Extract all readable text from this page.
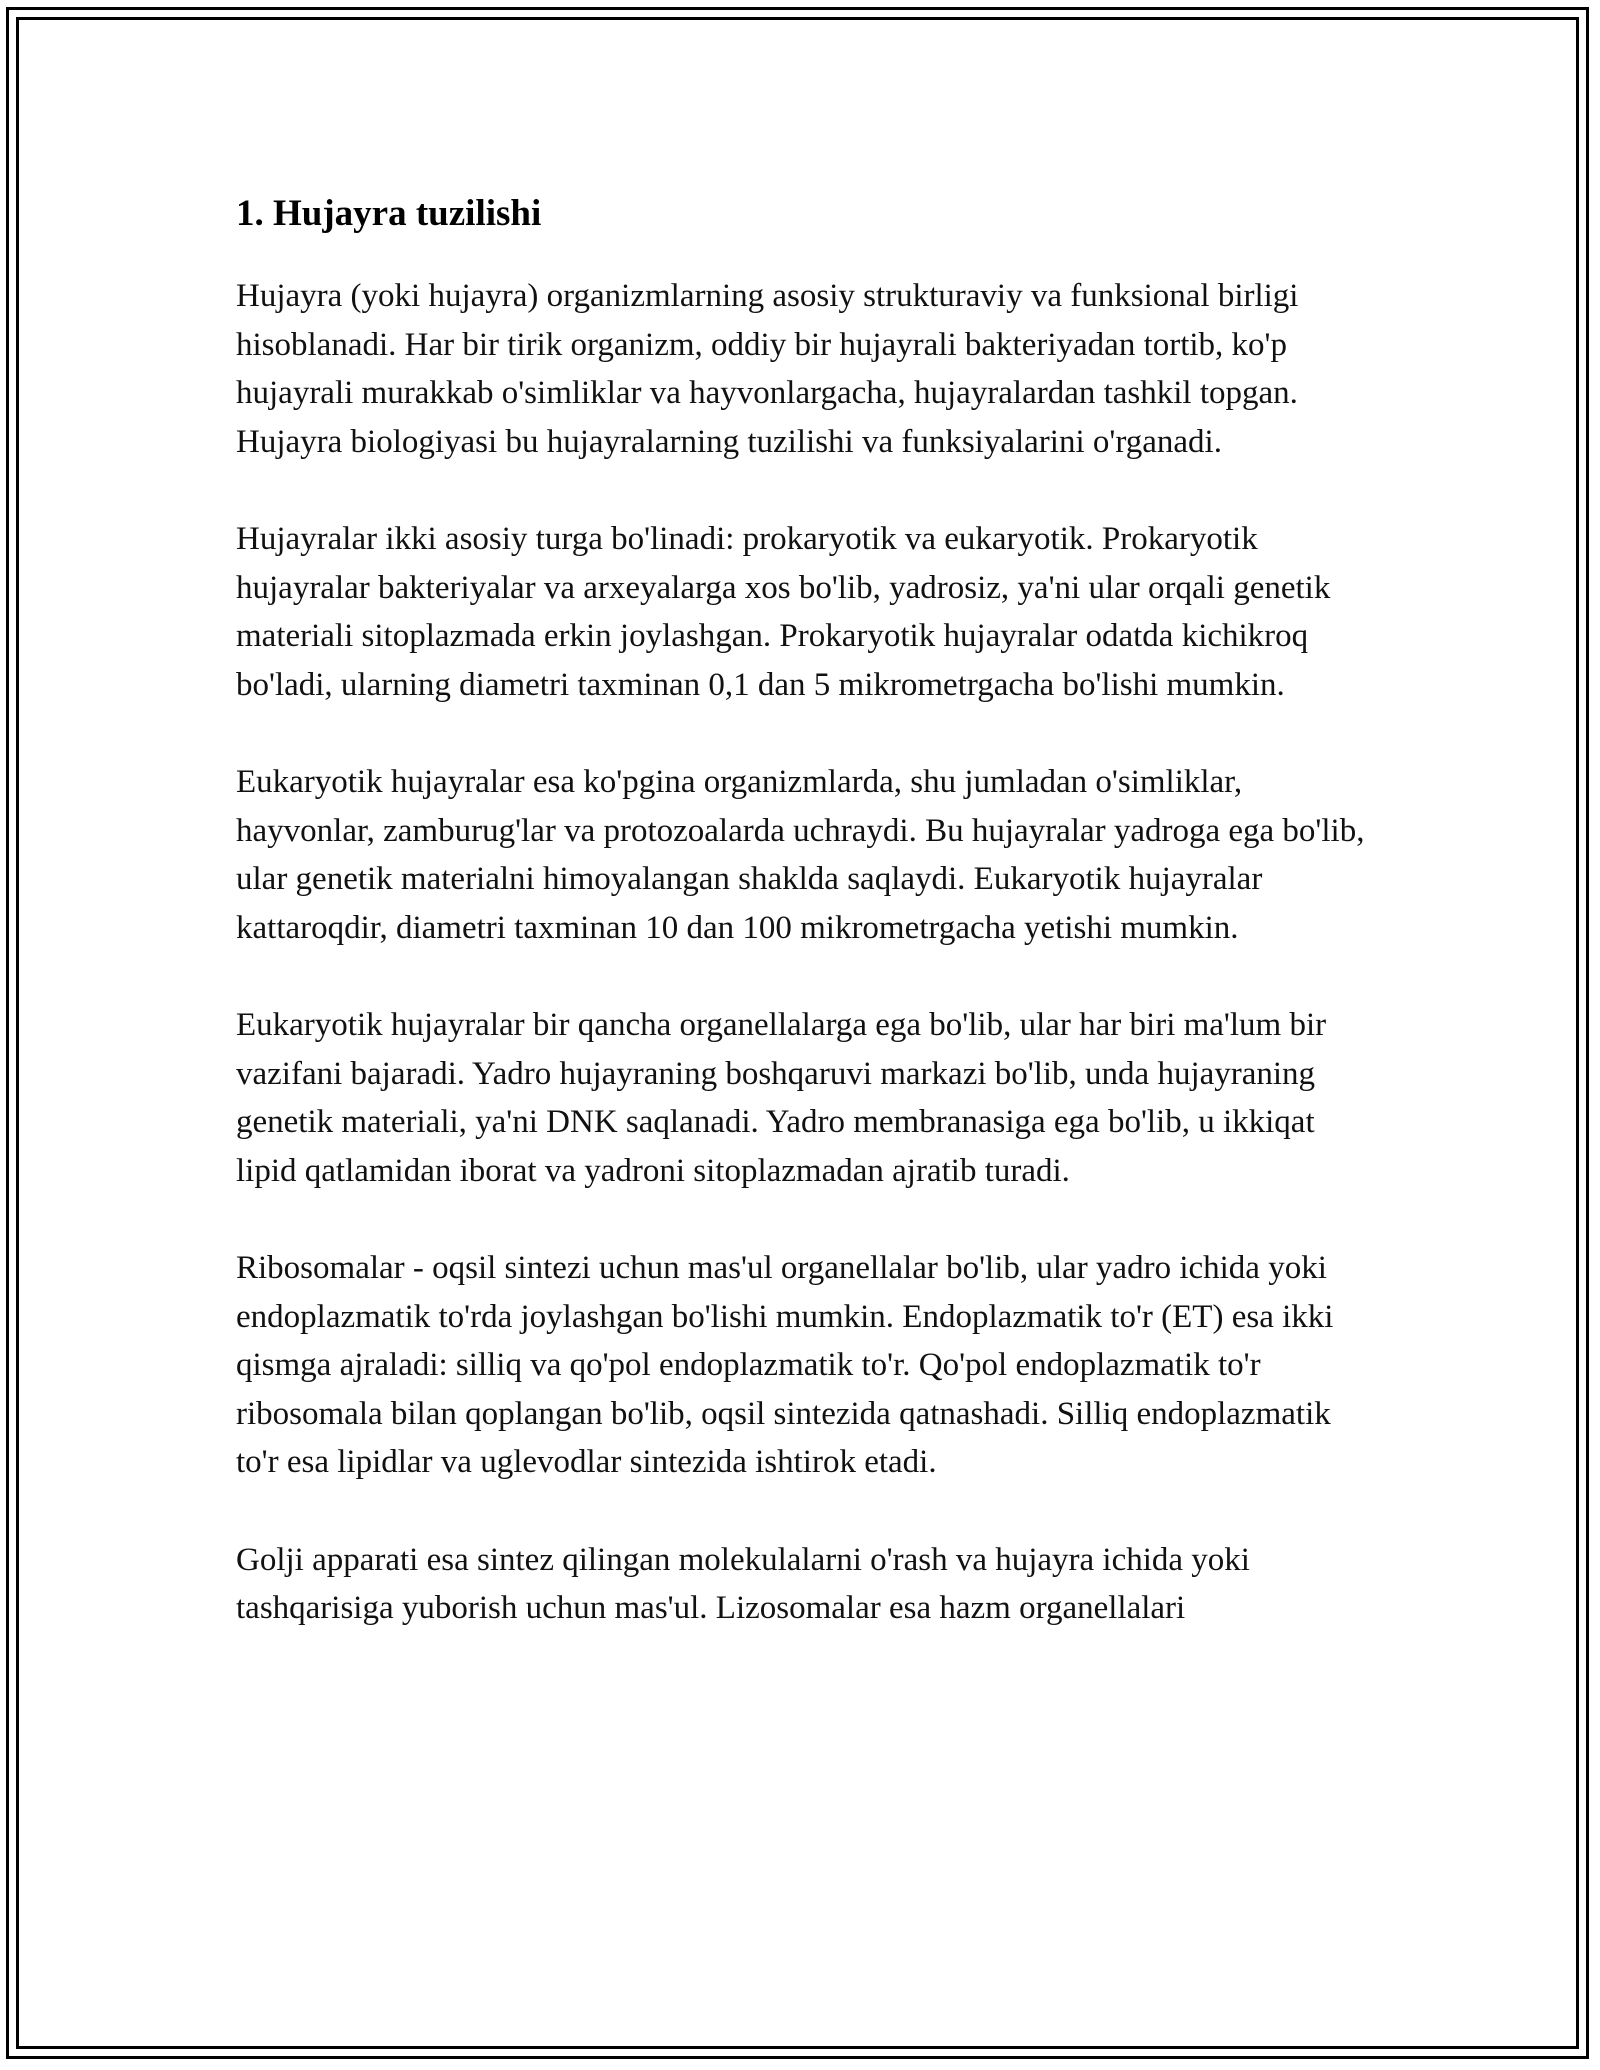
1. Hujayra tuzilishi

Hujayra (yoki hujayra) organizmlarning asosiy strukturaviy va funksional birligi hisoblanadi. Har bir tirik organizm, oddiy bir hujayrali bakteriyadan tortib, ko'p hujayrali murakkab o'simliklar va hayvonlargacha, hujayralardan tashkil topgan. Hujayra biologiyasi bu hujayralarning tuzilishi va funksiyalarini o'rganadi.

Hujayralar ikki asosiy turga bo'linadi: prokaryotik va eukaryotik. Prokaryotik hujayralar bakteriyalar va arxeyalarga xos bo'lib, yadrosiz, ya'ni ular orqali genetik materiali sitoplazmada erkin joylashgan. Prokaryotik hujayralar odatda kichikroq bo'ladi, ularning diametri taxminan 0,1 dan 5 mikrometrgacha bo'lishi mumkin.

Eukaryotik hujayralar esa ko'pgina organizmlarda, shu jumladan o'simliklar, hayvonlar, zamburug'lar va protozoalarda uchraydi. Bu hujayralar yadroga ega bo'lib, ular genetik materialni himoyalangan shaklda saqlaydi. Eukaryotik hujayralar kattaroqdir, diametri taxminan 10 dan 100 mikrometrgacha yetishi mumkin.

Eukaryotik hujayralar bir qancha organellalarga ega bo'lib, ular har biri ma'lum bir vazifani bajaradi. Yadro hujayraning boshqaruvi markazi bo'lib, unda hujayraning genetik materiali, ya'ni DNK saqlanadi. Yadro membranasiga ega bo'lib, u ikkiqat lipid qatlamidan iborat va yadroni sitoplazmadan ajratib turadi.

Ribosomalar - oqsil sintezi uchun mas'ul organellalar bo'lib, ular yadro ichida yoki endoplazmatik to'rda joylashgan bo'lishi mumkin. Endoplazmatik to'r (ET) esa ikki qismga ajraladi: silliq va qo'pol endoplazmatik to'r. Qo'pol endoplazmatik to'r ribosomala bilan qoplangan bo'lib, oqsil sintezida qatnashadi. Silliq endoplazmatik to'r esa lipidlar va uglevodlar sintezida ishtirok etadi.

Golji apparati esa sintez qilingan molekulalarni o'rash va hujayra ichida yoki tashqarisiga yuborish uchun mas'ul. Lizosomalar esa hazm organellalari
